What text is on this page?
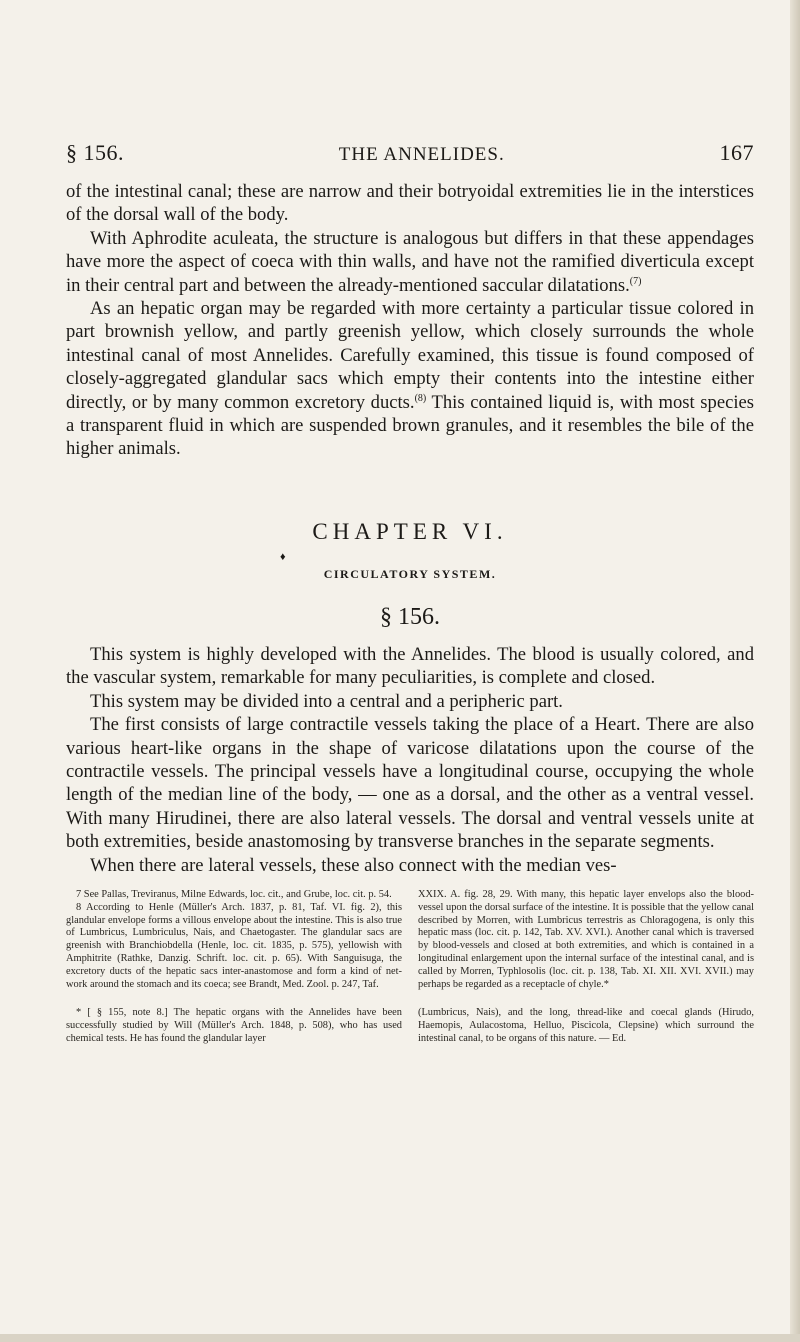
§ 156.	THE ANNELIDES.	167

of the intestinal canal; these are narrow and their botryoidal extremities lie in the interstices of the dorsal wall of the body.

With Aphrodite aculeata, the structure is analogous but differs in that these appendages have more the aspect of coeca with thin walls, and have not the ramified diverticula except in their central part and between the already-mentioned saccular dilatations.$^{(7)}$

As an hepatic organ may be regarded with more certainty a particular tissue colored in part brownish yellow, and partly greenish yellow, which closely surrounds the whole intestinal canal of most Annelides. Carefully examined, this tissue is found composed of closely-aggregated glandular sacs which empty their contents into the intestine either directly, or by many common excretory ducts.$^{(8)}$ This contained liquid is, with most species a transparent fluid in which are suspended brown granules, and it resembles the bile of the higher animals.

CHAPTER VI.
♦
CIRCULATORY SYSTEM.
§ 156.

This system is highly developed with the Annelides. The blood is usually colored, and the vascular system, remarkable for many peculiarities, is complete and closed.

This system may be divided into a central and a peripheric part.

The first consists of large contractile vessels taking the place of a Heart. There are also various heart-like organs in the shape of varicose dilatations upon the course of the contractile vessels. The principal vessels have a longitudinal course, occupying the whole length of the median line of the body, — one as a dorsal, and the other as a ventral vessel. With many Hirudinei, there are also lateral vessels. The dorsal and ventral vessels unite at both extremities, beside anastomosing by transverse branches in the separate segments.

When there are lateral vessels, these also connect with the median ves-

7 See Pallas, Treviranus, Milne Edwards, loc. cit., and Grube, loc. cit. p. 54.

8 According to Henle (Müller's Arch. 1837, p. 81, Taf. VI. fig. 2), this glandular envelope forms a villous envelope about the intestine. This is also true of Lumbricus, Lumbriculus, Nais, and Chaetogaster. The glandular sacs are greenish with Branchiobdella (Henle, loc. cit. 1835, p. 575), yellowish with Amphitrite (Rathke, Danzig. Schrift. loc. cit. p. 65). With Sanguisuga, the excretory ducts of the hepatic sacs inter-anastomose and form a kind of net-work around the stomach and its coeca; see Brandt, Med. Zool. p. 247, Taf.

XXIX. A. fig. 28, 29. With many, this hepatic layer envelops also the blood-vessel upon the dorsal surface of the intestine. It is possible that the yellow canal described by Morren, with Lumbricus terrestris as Chloragogena, is only this hepatic mass (loc. cit. p. 142, Tab. XV. XVI.). Another canal which is traversed by blood-vessels and closed at both extremities, and which is contained in a longitudinal enlargement upon the internal surface of the intestinal canal, and is called by Morren, Typhlosolis (loc. cit. p. 138, Tab. XI. XII. XVI. XVII.) may perhaps be regarded as a receptacle of chyle.*

* [ § 155, note 8.] The hepatic organs with the Annelides have been successfully studied by Will (Müller's Arch. 1848, p. 508), who has used chemical tests. He has found the glandular layer

(Lumbricus, Nais), and the long, thread-like and coecal glands (Hirudo, Haemopis, Aulacostoma, Helluo, Piscicola, Clepsine) which surround the intestinal canal, to be organs of this nature. — Ed.
